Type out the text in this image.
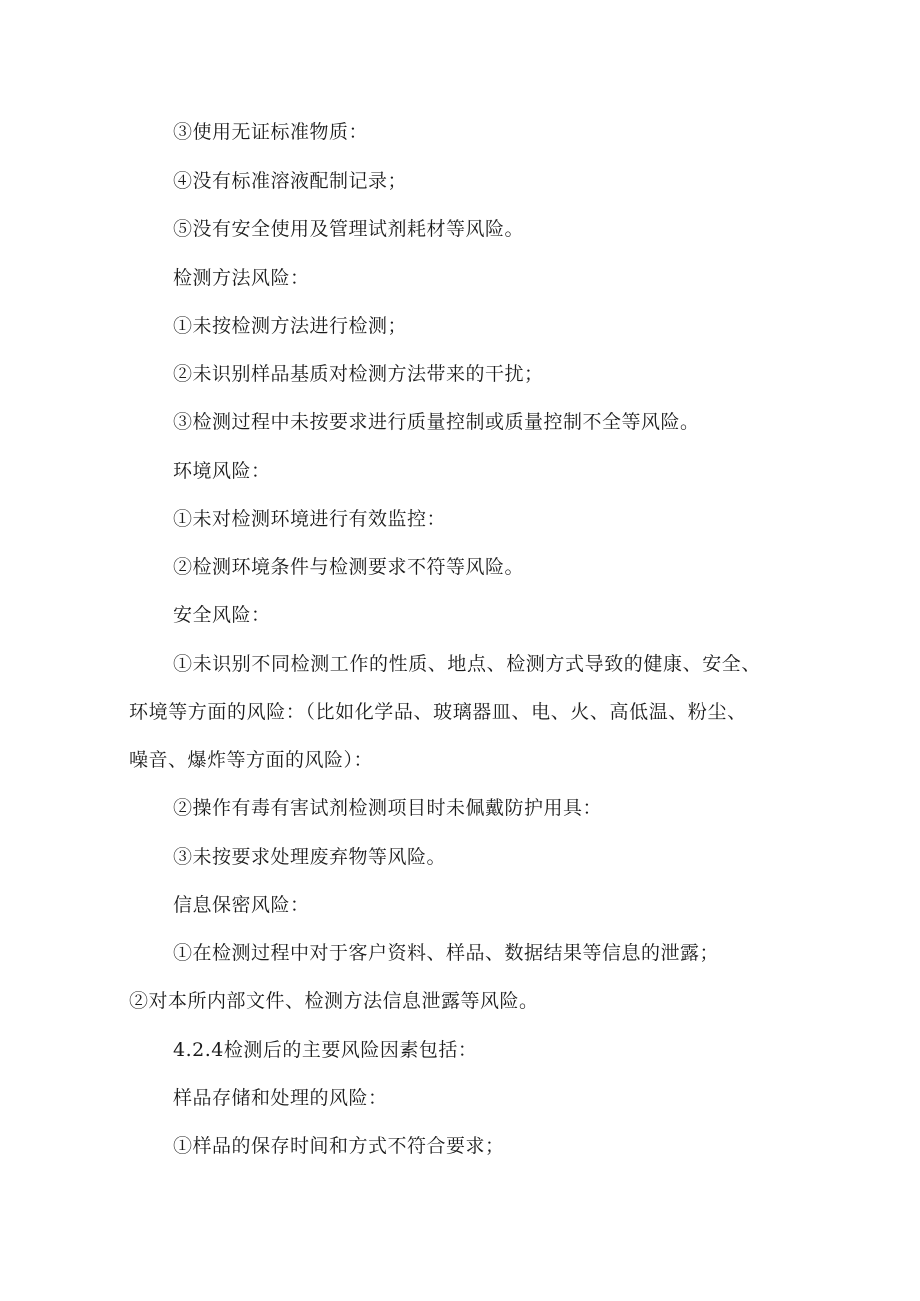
③使用无证标准物质：
④没有标准溶液配制记录；
⑤没有安全使用及管理试剂耗材等风险。
检测方法风险：
①未按检测方法进行检测；
②未识别样品基质对检测方法带来的干扰；
③检测过程中未按要求进行质量控制或质量控制不全等风险。
环境风险：
①未对检测环境进行有效监控：
②检测环境条件与检测要求不符等风险。
安全风险：
①未识别不同检测工作的性质、地点、检测方式导致的健康、安全、
环境等方面的风险：（比如化学品、玻璃器皿、电、火、高低温、粉尘、
噪音、爆炸等方面的风险）：
②操作有毒有害试剂检测项目时未佩戴防护用具：
③未按要求处理废弃物等风险。
信息保密风险：
①在检测过程中对于客户资料、样品、数据结果等信息的泄露；
②对本所内部文件、检测方法信息泄露等风险。
4.2.4检测后的主要风险因素包括：
样品存储和处理的风险：
①样品的保存时间和方式不符合要求；
